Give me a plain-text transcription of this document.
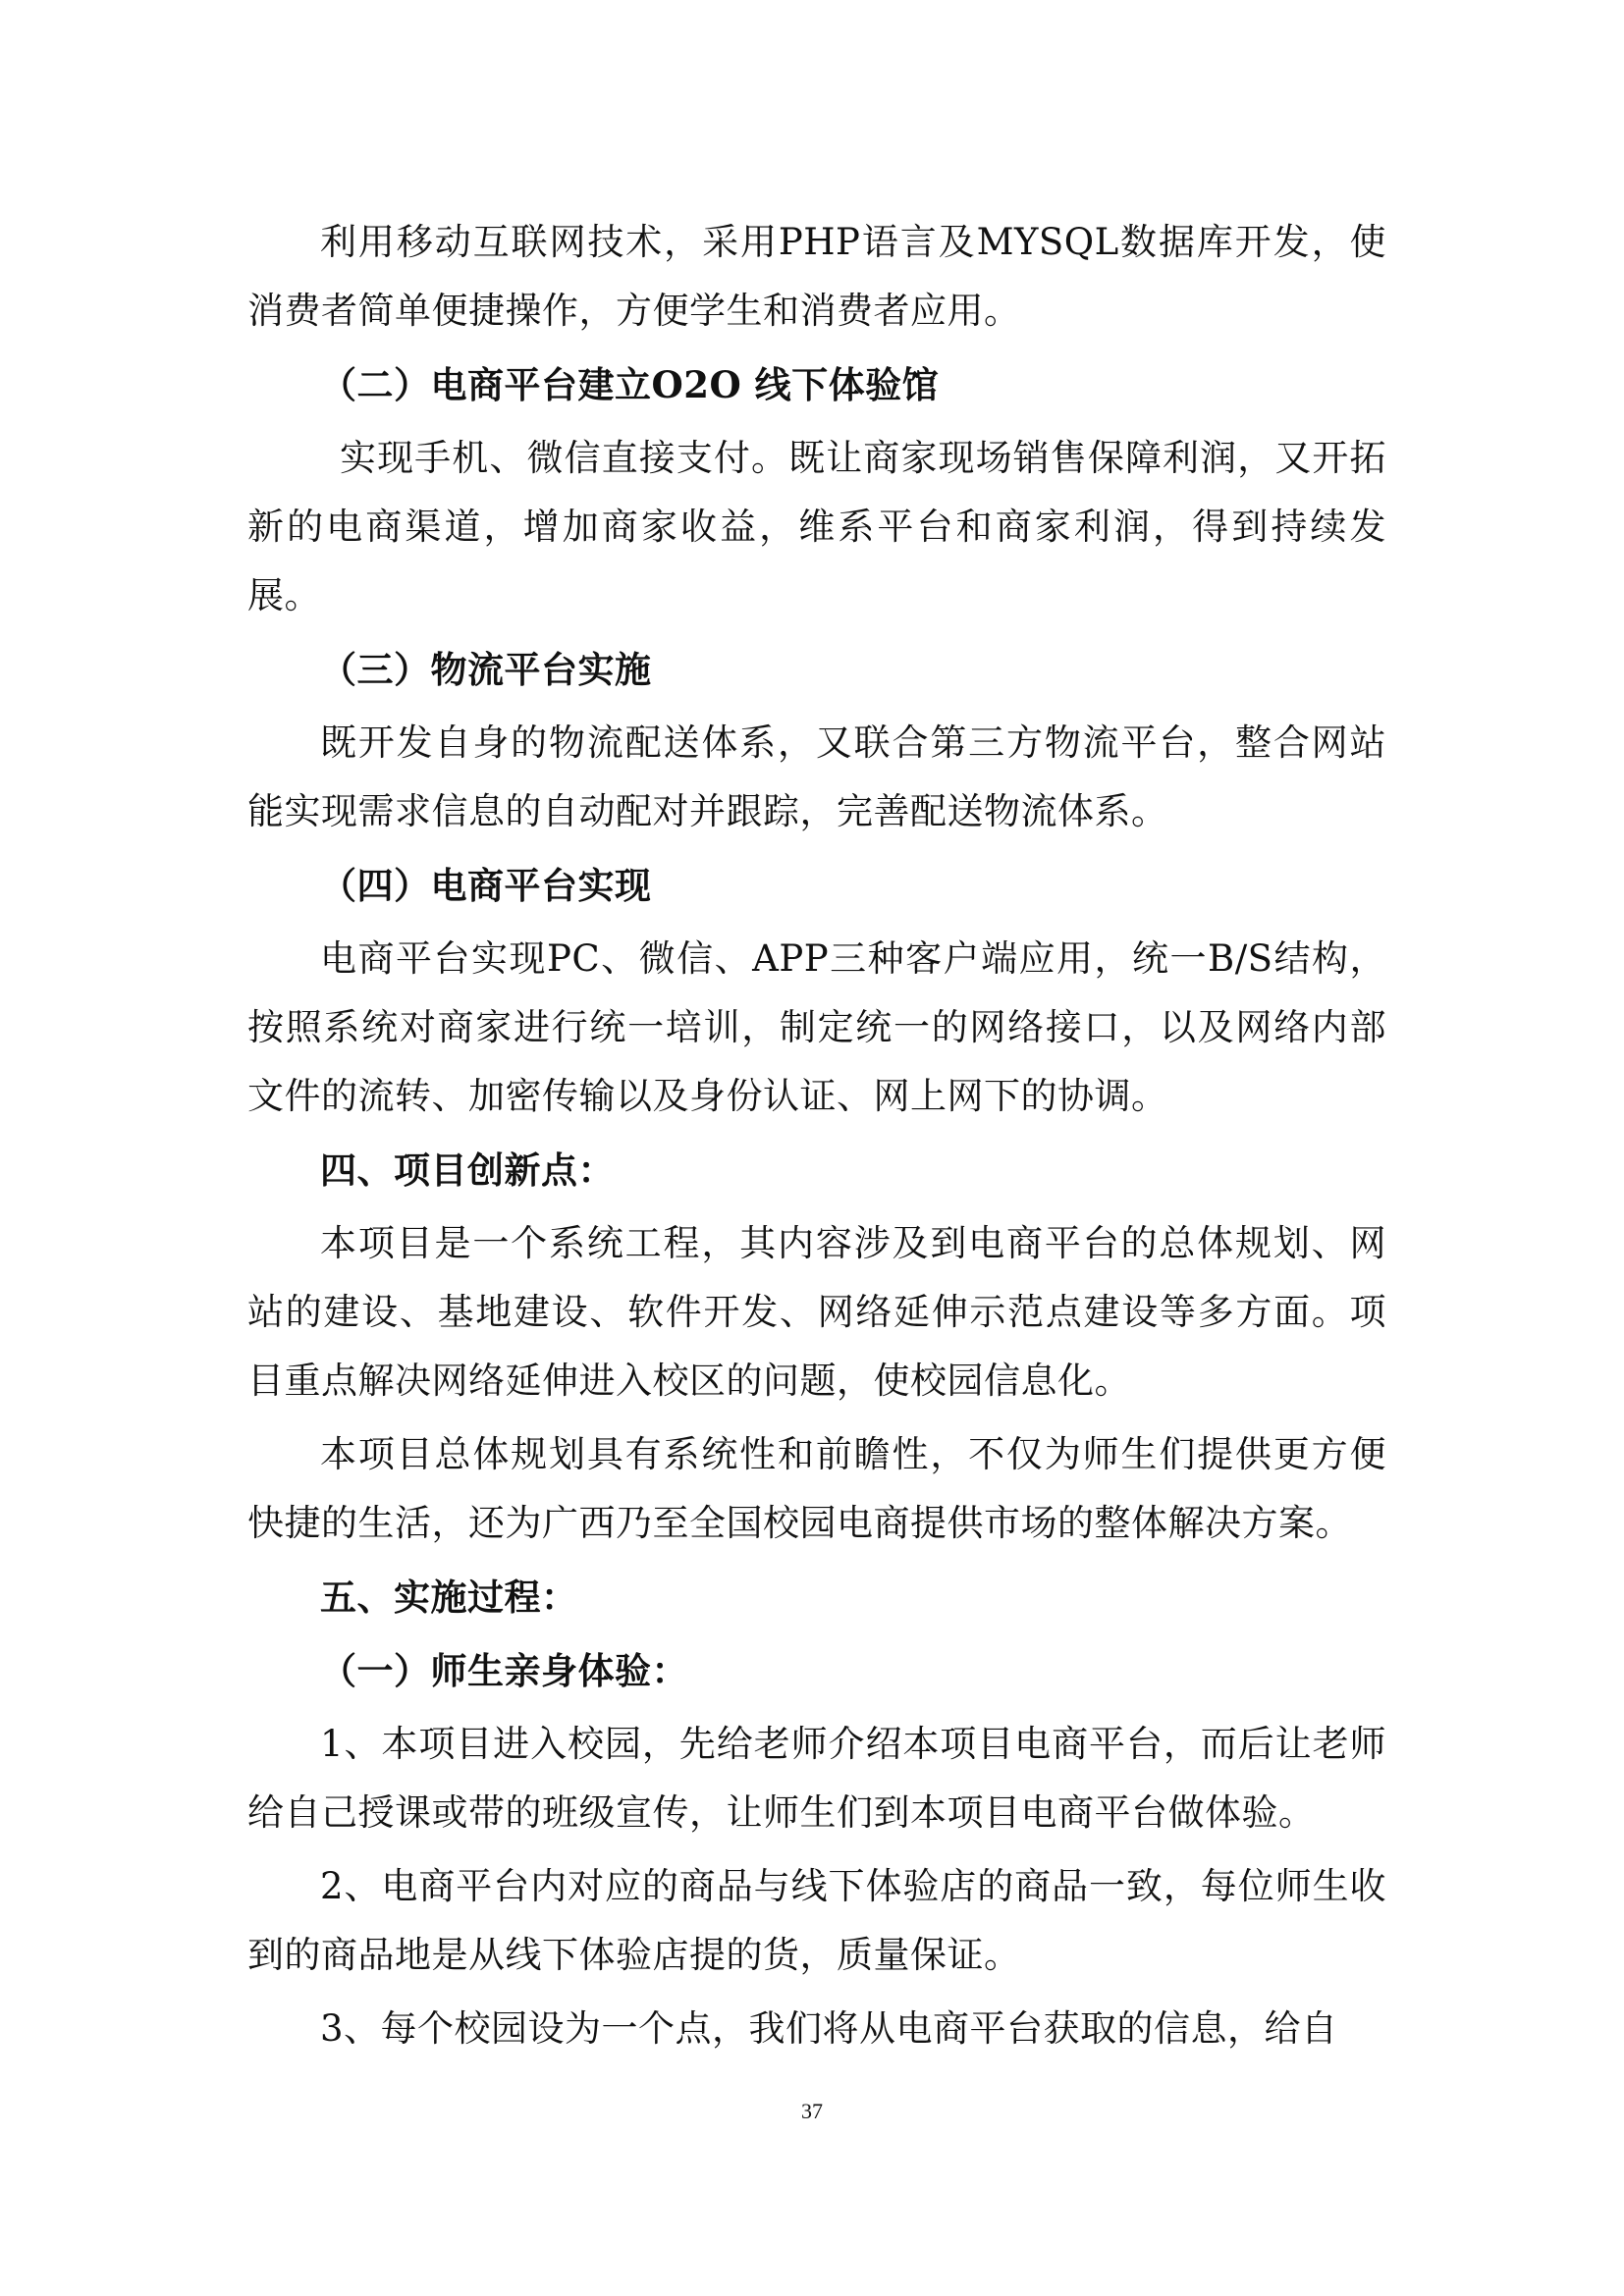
利用移动互联网技术，采用PHP语言及MYSQL数据库开发，使消费者简单便捷操作，方便学生和消费者应用。

（二）电商平台建立O2O 线下体验馆

实现手机、微信直接支付。既让商家现场销售保障利润，又开拓新的电商渠道，增加商家收益，维系平台和商家利润，得到持续发展。

（三）物流平台实施

既开发自身的物流配送体系，又联合第三方物流平台，整合网站能实现需求信息的自动配对并跟踪，完善配送物流体系。

（四）电商平台实现

电商平台实现PC、微信、APP三种客户端应用，统一B/S结构，按照系统对商家进行统一培训，制定统一的网络接口，以及网络内部文件的流转、加密传输以及身份认证、网上网下的协调。

四、项目创新点：

本项目是一个系统工程，其内容涉及到电商平台的总体规划、网站的建设、基地建设、软件开发、网络延伸示范点建设等多方面。项目重点解决网络延伸进入校区的问题，使校园信息化。

本项目总体规划具有系统性和前瞻性，不仅为师生们提供更方便快捷的生活，还为广西乃至全国校园电商提供市场的整体解决方案。

五、实施过程：

（一）师生亲身体验：

1、本项目进入校园，先给老师介绍本项目电商平台，而后让老师给自己授课或带的班级宣传，让师生们到本项目电商平台做体验。

2、电商平台内对应的商品与线下体验店的商品一致，每位师生收到的商品地是从线下体验店提的货，质量保证。

3、每个校园设为一个点，我们将从电商平台获取的信息，给自

37
